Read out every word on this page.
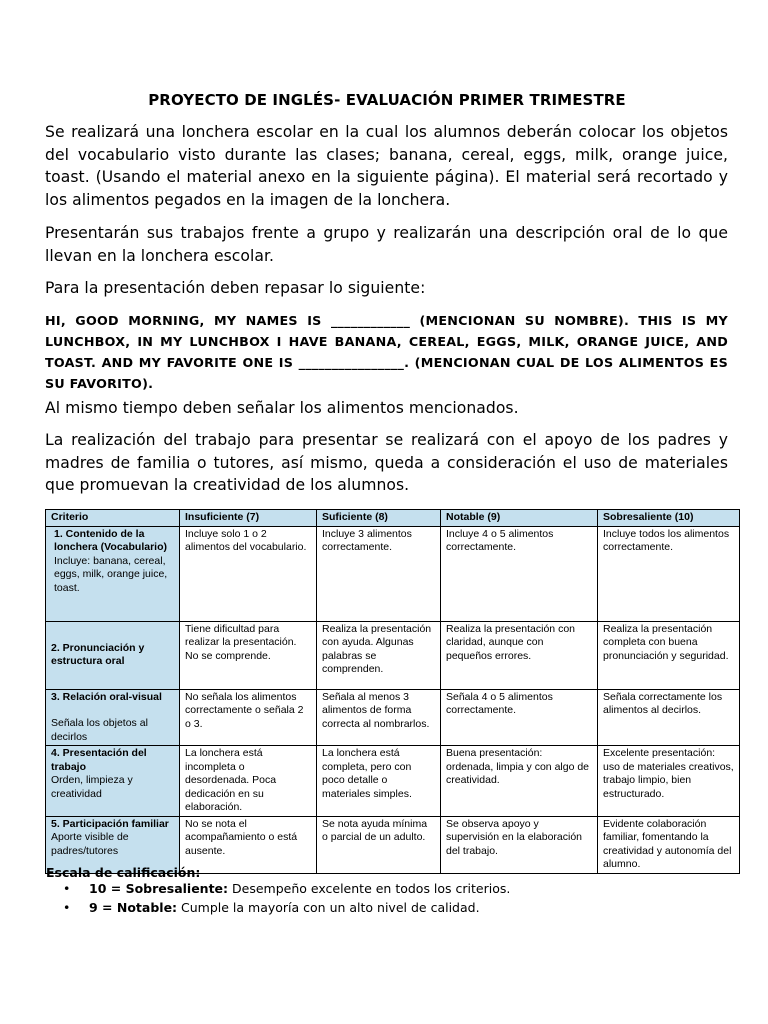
PROYECTO DE INGLÉS- EVALUACIÓN PRIMER TRIMESTRE

Se realizará una lonchera escolar en la cual los alumnos deberán colocar los objetos del vocabulario visto durante las clases; banana, cereal, eggs, milk, orange juice, toast. (Usando el material anexo en la siguiente página). El material será recortado y los alimentos pegados en la imagen de la lonchera.

Presentarán sus trabajos frente a grupo y realizarán una descripción oral de lo que llevan en la lonchera escolar.

Para la presentación deben repasar lo siguiente:

HI, GOOD MORNING, MY NAMES IS ____________ (MENCIONAN SU NOMBRE). THIS IS MY LUNCHBOX, IN MY LUNCHBOX I HAVE BANANA, CEREAL, EGGS, MILK, ORANGE JUICE, AND TOAST. AND MY FAVORITE ONE IS ________________. (MENCIONAN CUAL DE LOS ALIMENTOS ES SU FAVORITO).

Al mismo tiempo deben señalar los alimentos mencionados.

La realización del trabajo para presentar se realizará con el apoyo de los padres y madres de familia o tutores, así mismo, queda a consideración el uso de materiales que promuevan la creatividad de los alumnos.

Criterio	Insuficiente (7)	Suficiente (8)	Notable (9)	Sobresaliente (10)

1. Contenido de la lonchera (Vocabulario)
Incluye: banana, cereal, eggs, milk, orange juice, toast.	Incluye solo 1 o 2 alimentos del vocabulario.	Incluye 3 alimentos correctamente.	Incluye 4 o 5 alimentos correctamente.	Incluye todos los alimentos correctamente.

2. Pronunciación y estructura oral	Tiene dificultad para realizar la presentación. No se comprende.	Realiza la presentación con ayuda. Algunas palabras se comprenden.	Realiza la presentación con claridad, aunque con pequeños errores.	Realiza la presentación completa con buena pronunciación y seguridad.

3. Relación oral-visual
Señala los objetos al decirlos	No señala los alimentos correctamente o señala 2 o 3.	Señala al menos 3 alimentos de forma correcta al nombrarlos.	Señala 4 o 5 alimentos correctamente.	Señala correctamente los alimentos al decirlos.

4. Presentación del trabajo
Orden, limpieza y creatividad	La lonchera está incompleta o desordenada. Poca dedicación en su elaboración.	La lonchera está completa, pero con poco detalle o materiales simples.	Buena presentación: ordenada, limpia y con algo de creatividad.	Excelente presentación: uso de materiales creativos, trabajo limpio, bien estructurado.

5. Participación familiar
Aporte visible de padres/tutores	No se nota el acompañamiento o está ausente.	Se nota ayuda mínima o parcial de un adulto.	Se observa apoyo y supervisión en la elaboración del trabajo.	Evidente colaboración familiar, fomentando la creatividad y autonomía del alumno.
Escala de calificación:
• 10 = Sobresaliente: Desempeño excelente en todos los criterios.
• 9 = Notable: Cumple la mayoría con un alto nivel de calidad.
